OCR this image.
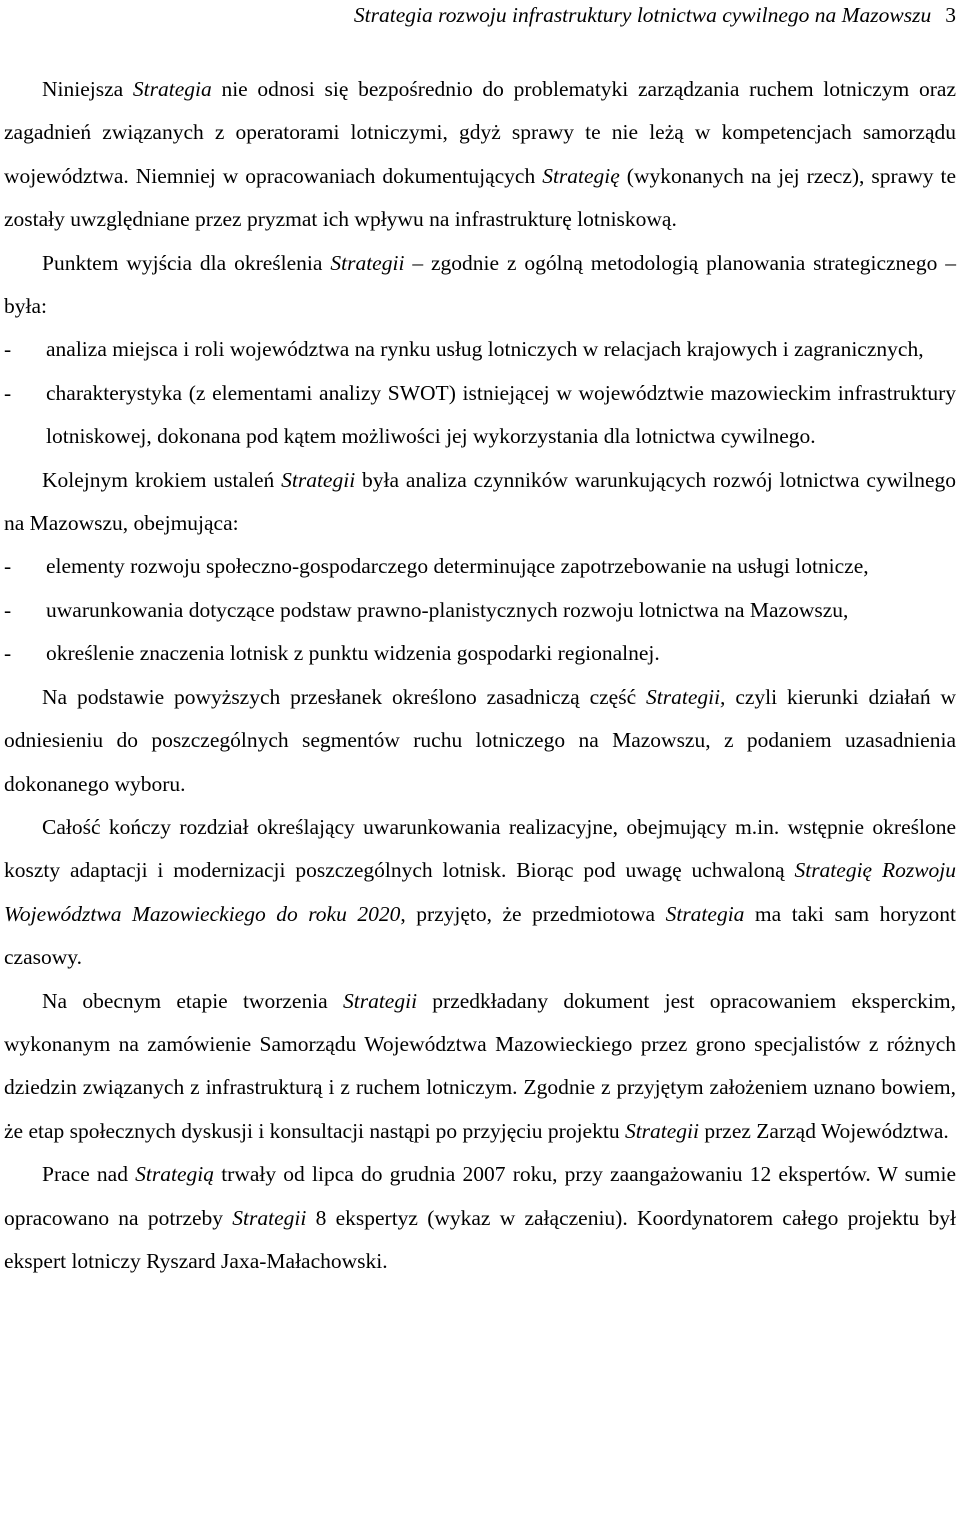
Strategia rozwoju infrastruktury lotnictwa cywilnego na Mazowszu 3

Niniejsza Strategia nie odnosi się bezpośrednio do problematyki zarządzania ruchem lotniczym oraz zagadnień związanych z operatorami lotniczymi, gdyż sprawy te nie leżą w kompetencjach samorządu województwa. Niemniej w opracowaniach dokumentujących Strategię (wykonanych na jej rzecz), sprawy te zostały uwzględniane przez pryzmat ich wpływu na infrastrukturę lotniskową.

Punktem wyjścia dla określenia Strategii – zgodnie z ogólną metodologią planowania strategicznego – była:

- analiza miejsca i roli województwa na rynku usług lotniczych w relacjach krajowych i zagranicznych,
- charakterystyka (z elementami analizy SWOT) istniejącej w województwie mazowieckim infrastruktury lotniskowej, dokonana pod kątem możliwości jej wykorzystania dla lotnictwa cywilnego.

Kolejnym krokiem ustaleń Strategii była analiza czynników warunkujących rozwój lotnictwa cywilnego na Mazowszu, obejmująca:

- elementy rozwoju społeczno-gospodarczego determinujące zapotrzebowanie na usługi lotnicze,
- uwarunkowania dotyczące podstaw prawno-planistycznych rozwoju lotnictwa na Mazowszu,
- określenie znaczenia lotnisk z punktu widzenia gospodarki regionalnej.

Na podstawie powyższych przesłanek określono zasadniczą część Strategii, czyli kierunki działań w odniesieniu do poszczególnych segmentów ruchu lotniczego na Mazowszu, z podaniem uzasadnienia dokonanego wyboru.

Całość kończy rozdział określający uwarunkowania realizacyjne, obejmujący m.in. wstępnie określone koszty adaptacji i modernizacji poszczególnych lotnisk. Biorąc pod uwagę uchwaloną Strategię Rozwoju Województwa Mazowieckiego do roku 2020, przyjęto, że przedmiotowa Strategia ma taki sam horyzont czasowy.

Na obecnym etapie tworzenia Strategii przedkładany dokument jest opracowaniem eksperckim, wykonanym na zamówienie Samorządu Województwa Mazowieckiego przez grono specjalistów z różnych dziedzin związanych z infrastrukturą i z ruchem lotniczym. Zgodnie z przyjętym założeniem uznano bowiem, że etap społecznych dyskusji i konsultacji nastąpi po przyjęciu projektu Strategii przez Zarząd Województwa.

Prace nad Strategią trwały od lipca do grudnia 2007 roku, przy zaangażowaniu 12 ekspertów. W sumie opracowano na potrzeby Strategii 8 ekspertyz (wykaz w załączeniu). Koordynatorem całego projektu był ekspert lotniczy Ryszard Jaxa-Małachowski.
